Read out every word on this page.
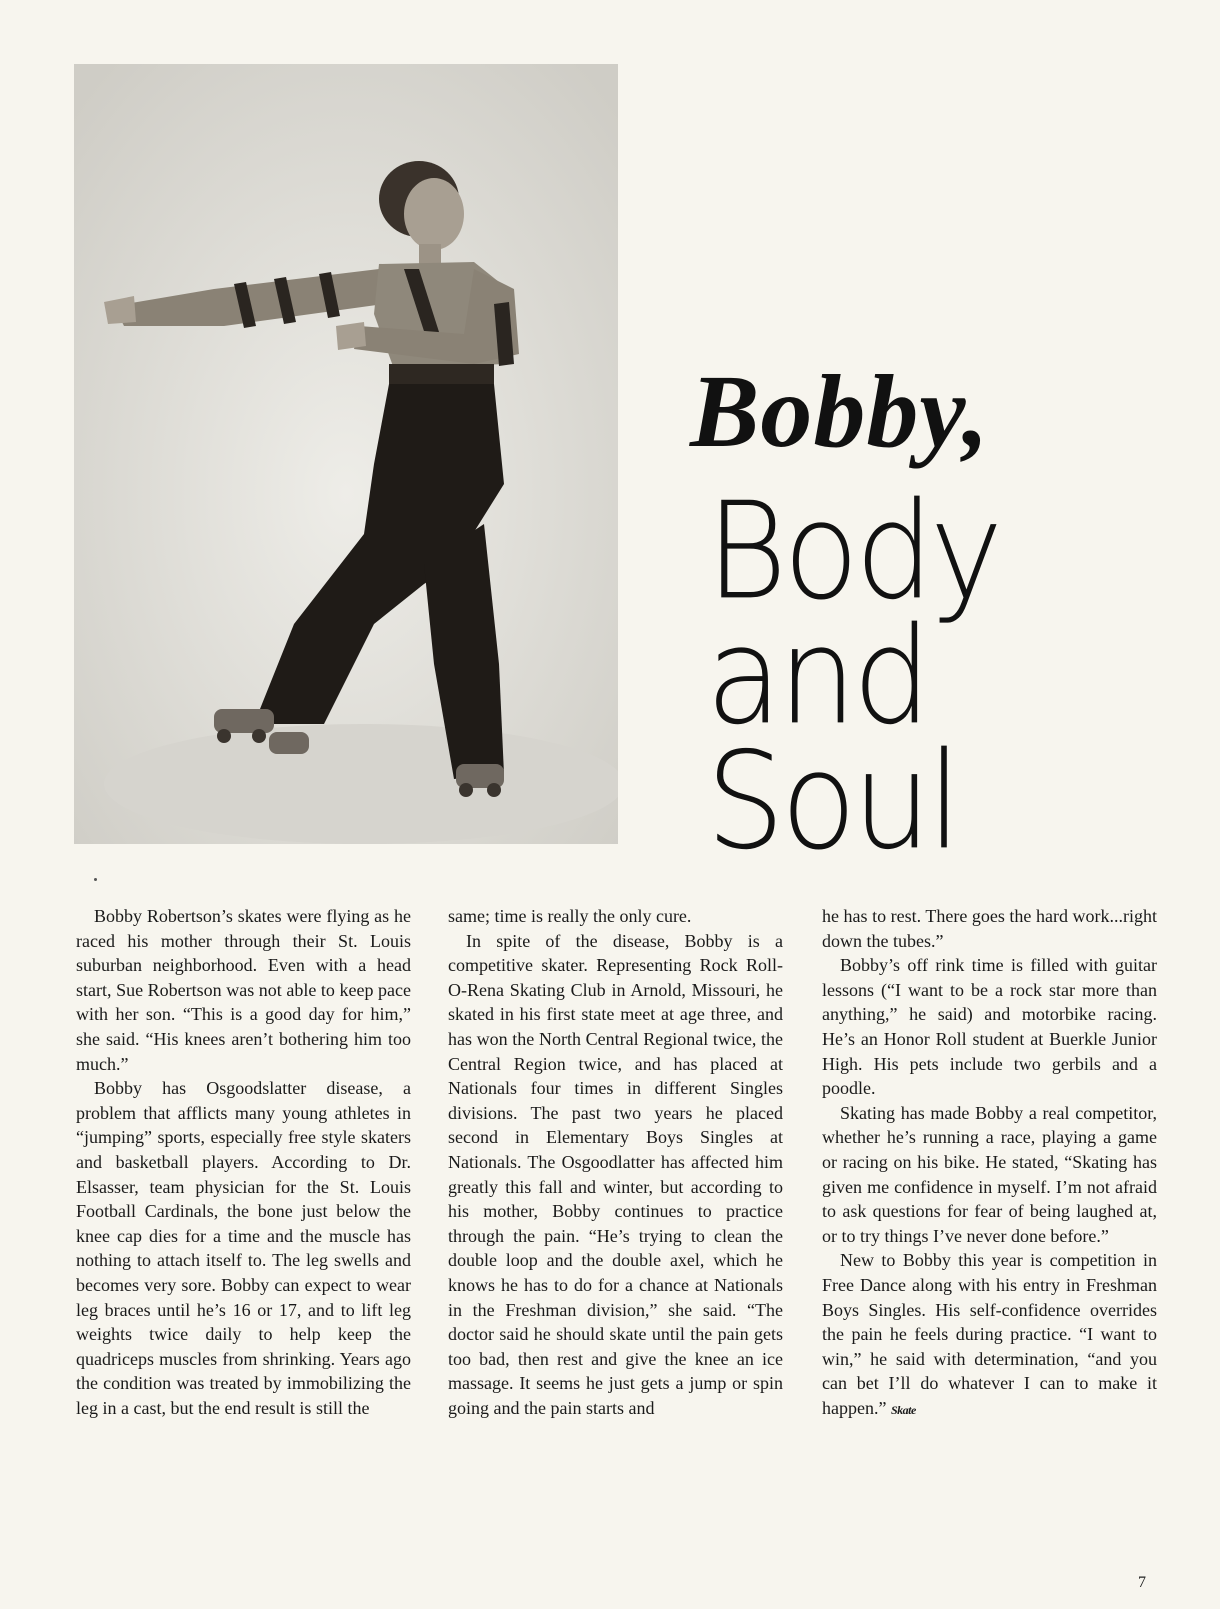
Bobby,
Body
and
Soul

Bobby Robertson’s skates were flying as he raced his mother through their St. Louis suburban neighborhood. Even with a head start, Sue Robertson was not able to keep pace with her son. “This is a good day for him,” she said. “His knees aren’t bothering him too much.”

Bobby has Osgoodslatter disease, a problem that afflicts many young athletes in “jumping” sports, especially free style skaters and basketball players. According to Dr. Elsasser, team physician for the St. Louis Football Cardinals, the bone just below the knee cap dies for a time and the muscle has nothing to attach itself to. The leg swells and becomes very sore. Bobby can expect to wear leg braces until he’s 16 or 17, and to lift leg weights twice daily to help keep the quadriceps muscles from shrinking. Years ago the condition was treated by immobilizing the leg in a cast, but the end result is still the

same; time is really the only cure.

In spite of the disease, Bobby is a competitive skater. Representing Rock Roll-O-Rena Skating Club in Arnold, Missouri, he skated in his first state meet at age three, and has won the North Central Regional twice, the Central Region twice, and has placed at Nationals four times in different Singles divisions. The past two years he placed second in Elementary Boys Singles at Nationals. The Osgoodlatter has affected him greatly this fall and winter, but according to his mother, Bobby continues to practice through the pain. “He’s trying to clean the double loop and the double axel, which he knows he has to do for a chance at Nationals in the Freshman division,” she said. “The doctor said he should skate until the pain gets too bad, then rest and give the knee an ice massage. It seems he just gets a jump or spin going and the pain starts and

he has to rest. There goes the hard work...right down the tubes.”

Bobby’s off rink time is filled with guitar lessons (“I want to be a rock star more than anything,” he said) and motorbike racing. He’s an Honor Roll student at Buerkle Junior High. His pets include two gerbils and a poodle.

Skating has made Bobby a real competitor, whether he’s running a race, playing a game or racing on his bike. He stated, “Skating has given me confidence in myself. I’m not afraid to ask questions for fear of being laughed at, or to try things I’ve never done before.”

New to Bobby this year is competition in Free Dance along with his entry in Freshman Boys Singles. His self-confidence overrides the pain he feels during practice. “I want to win,” he said with determination, “and you can bet I’ll do whatever I can to make it happen.” Skate

7
